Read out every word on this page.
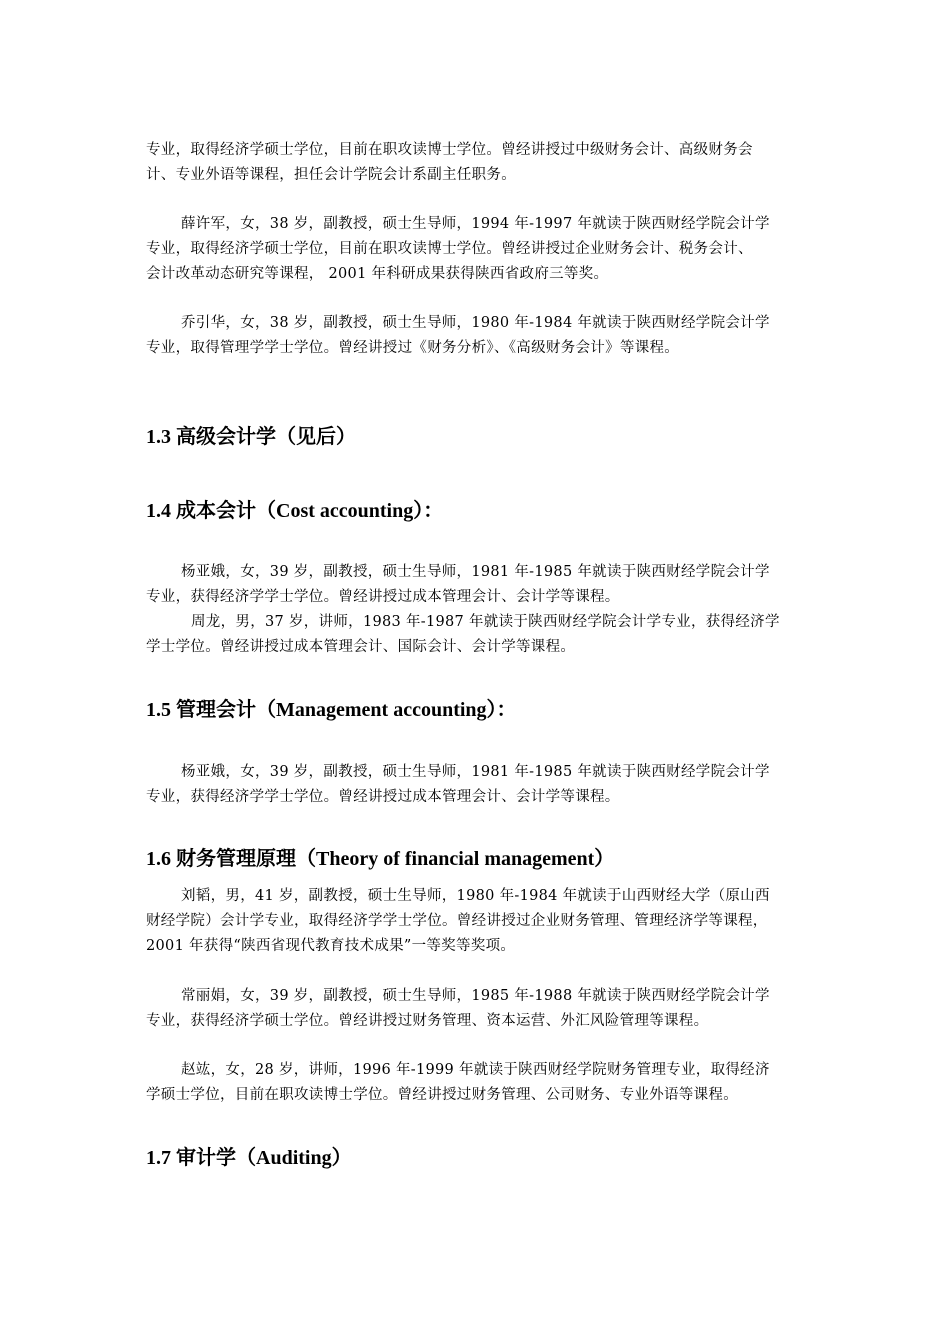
专业，取得经济学硕士学位，目前在职攻读博士学位。曾经讲授过中级财务会计、高级财务会
计、专业外语等课程，担任会计学院会计系副主任职务。

薛许军，女，38 岁，副教授，硕士生导师，1994 年-1997 年就读于陕西财经学院会计学
专业，取得经济学硕士学位，目前在职攻读博士学位。曾经讲授过企业财务会计、税务会计、
会计改革动态研究等课程， 2001 年科研成果获得陕西省政府三等奖。

乔引华，女，38 岁，副教授，硕士生导师，1980 年-1984 年就读于陕西财经学院会计学
专业，取得管理学学士学位。曾经讲授过《财务分析》、《高级财务会计》等课程。

1.3 高级会计学（见后）
1.4 成本会计（Cost accounting）：

杨亚娥，女，39 岁，副教授，硕士生导师，1981 年-1985 年就读于陕西财经学院会计学
专业，获得经济学学士学位。曾经讲授过成本管理会计、会计学等课程。

周龙，男，37 岁，讲师，1983 年-1987 年就读于陕西财经学院会计学专业，获得经济学
学士学位。曾经讲授过成本管理会计、国际会计、会计学等课程。

1.5 管理会计（Management accounting）：

杨亚娥，女，39 岁，副教授，硕士生导师，1981 年-1985 年就读于陕西财经学院会计学
专业，获得经济学学士学位。曾经讲授过成本管理会计、会计学等课程。

1.6 财务管理原理（Theory of financial management）

刘韬，男，41 岁，副教授，硕士生导师，1980 年-1984 年就读于山西财经大学（原山西
财经学院）会计学专业，取得经济学学士学位。曾经讲授过企业财务管理、管理经济学等课程，
2001 年获得“陕西省现代教育技术成果”一等奖等奖项。

常丽娟，女，39 岁，副教授，硕士生导师，1985 年-1988 年就读于陕西财经学院会计学
专业，获得经济学硕士学位。曾经讲授过财务管理、资本运营、外汇风险管理等课程。

赵竑，女，28 岁，讲师，1996 年-1999 年就读于陕西财经学院财务管理专业，取得经济
学硕士学位，目前在职攻读博士学位。曾经讲授过财务管理、公司财务、专业外语等课程。

1.7 审计学（Auditing）
